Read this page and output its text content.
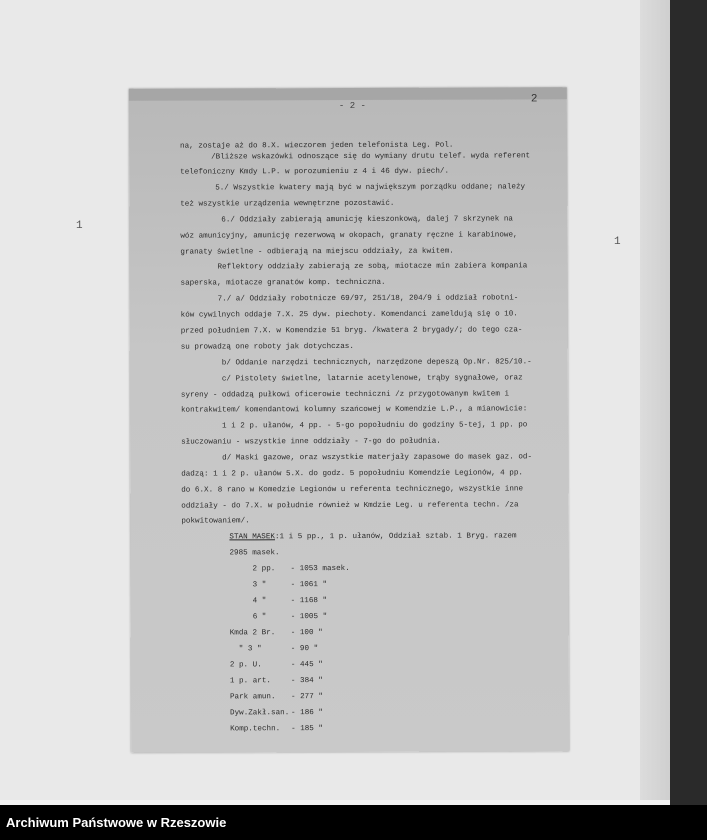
1
1
- 2 -
2
na, zostaje aż do 8.X. wieczorem jeden telefonista Leg. Pol.
/Bliższe wskazówki odnoszące się do wymiany drutu telef. wyda referent
telefoniczny Kmdy L.P. w porozumieniu z 4 i 46 dyw. piech/.
5./ Wszystkie kwatery mają być w największym porządku oddane; należy
też wszystkie urządzenia wewnętrzne pozostawić.
6./ Oddziały zabierają amunicję kieszonkową, dalej 7 skrzynek na
wóz amunicyjny, amunicję rezerwową w okopach, granaty ręczne i karabinowe,
granaty świetlne - odbierają na miejscu oddziały, za kwitem.
Reflektory oddziały zabierają ze sobą, miotacze min zabiera kompania
saperska, miotacze granatów komp. techniczna.
7./ a/ Oddziały robotnicze 69/97, 251/18, 204/9 i oddział robotni-
ków cywilnych oddaje 7.X. 25 dyw. piechoty. Komendanci zameldują się o 10.
przed południem 7.X. w Komendzie 51 bryg. /kwatera 2 brygady/; do tego cza-
su prowadzą one roboty jak dotychczas.
b/ Oddanie narzędzi technicznych, narzędzone depeszą Op.Nr. 825/10.-
c/ Pistolety świetlne, latarnie acetylenowe, trąby sygnałowe, oraz
syreny - oddadzą pułkowi oficerowie techniczni /z przygotowanym kwitem i
kontrakwitem/ komendantowi kolumny szańcowej w Komendzie L.P., a mianowicie:
1 i 2 p. ułanów, 4 pp. - 5-go popołudniu do godziny 5-tej, 1 pp. po
słuczowaniu - wszystkie inne oddziały - 7-go do południa.
d/ Maski gazowe, oraz wszystkie materjały zapasowe do masek gaz. od-
dadzą: 1 i 2 p. ułanów 5.X. do godz. 5 popołudniu Komendzie Legionów, 4 pp.
do 6.X. 8 rano w Komedzie Legionów u referenta technicznego, wszystkie inne
oddziały - do 7.X. w południe również w Kmdzie Leg. u referenta techn. /za
pokwitowaniem/.
STAN MASEK:1 i 5 pp., 1 p. ułanów, Oddział sztab. 1 Bryg. razem
2985 masek.
2 pp. - 1053 masek.
3 "	- 1061 "
4 "	- 1168 "
6 "	- 1005 "
Kmda 2 Br. - 100 "
" 3 "	- 90 "
2 p. U.	- 445 "
1 p. art.	- 384 "
Park amun. - 277 "
Dyw.Zakł.san. - 186 "
Komp.techn. - 185 "
Archiwum Państwowe w Rzeszowie
